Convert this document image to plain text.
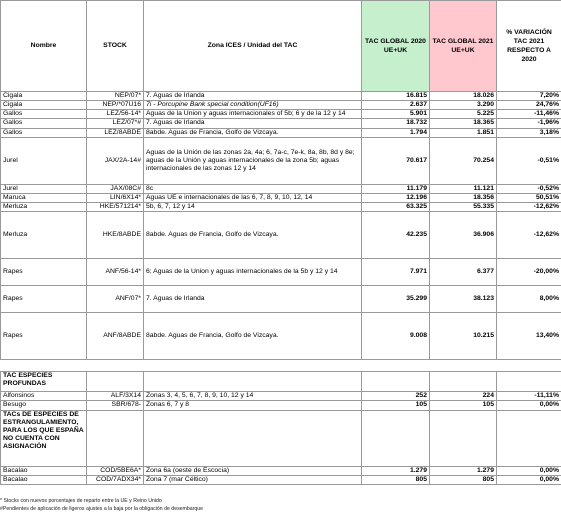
Nombre	STOCK	Zona ICES / Unidad del TAC	TAC GLOBAL 2020 UE+UK	TAC GLOBAL 2021 UE+UK	% VARIACIÓN TAC 2021 RESPECTO A 2020
Cigala	NEP/07*	7. Aguas de Irlanda	16.815	18.026	7,20%
Cigala	NEP/*07U16	7i - Porcupine Bank special condition(UF16)	2.637	3.290	24,76%
Gallos	LEZ/56-14*	Aguas de la Union y aguas internacionales of 5b; 6 y de la 12 y 14	5.901	5.225	-11,46%
Gallos	LEZ/07*#	7. Aguas de Irlanda	18.732	18.365	-1,96%
Gallos	LEZ/8ABDE	8abde. Aguas de Francia, Golfo de Vizcaya.	1.794	1.851	3,18%
Jurel	JAX/2A-14#	Aguas de la Unión de las zonas 2a, 4a; 6, 7a-c, 7e-k, 8a, 8b, 8d y 8e; aguas de la Unión y aguas internacionales de la zona 5b; aguas internacionales de las zonas 12 y 14	70.617	70.254	-0,51%
Jurel	JAX/08C#	8c	11.179	11.121	-0,52%
Maruca	LIN/6X14*	Aguas UE e internacionales de las 6, 7, 8, 9, 10, 12, 14	12.196	18.356	50,51%
Merluza	HKE/571214*	5b, 6, 7, 12 y 14	63.325	55.335	-12,62%
Merluza	HKE/8ABDE	8abde. Aguas de Francia, Golfo de Vizcaya.	42.235	36.906	-12,62%
Rapes	ANF/56-14*	6; Aguas de la Union y aguas internacionales de la 5b y 12 y 14	7.971	6.377	-20,00%
Rapes	ANF/07*	7. Aguas de Irlanda	35.299	38.123	8,00%
Rapes	ANF/8ABDE	8abde. Aguas de Francia, Golfo de Vizcaya.	9.008	10.215	13,40%

TAC ESPECIES PROFUNDAS					
Alfonsinos	ALF/3X14	Zonas 3, 4, 5, 6, 7, 8, 9, 10, 12 y 14	252	224	-11,11%
Besugo	SBR/678-	Zonas 6, 7 y 8	105	105	0,00%
TACs DE ESPECIES DE ESTRANGULAMIENTO, PARA LOS QUE ESPAÑA NO CUENTA CON ASIGNACIÓN					
Bacalao	COD/5BE6A*	Zona 6a (oeste de Escocia)	1.279	1.279	0,00%
Bacalao	COD/7ADX34*	Zona 7 (mar Céltico)	805	805	0,00%
* Stocks con nuevos porcentajes de reparto entre la UE y Reino Unido
#Pendientes de aplicación de ligeros ajustes a la baja por la obligación de desembarque
